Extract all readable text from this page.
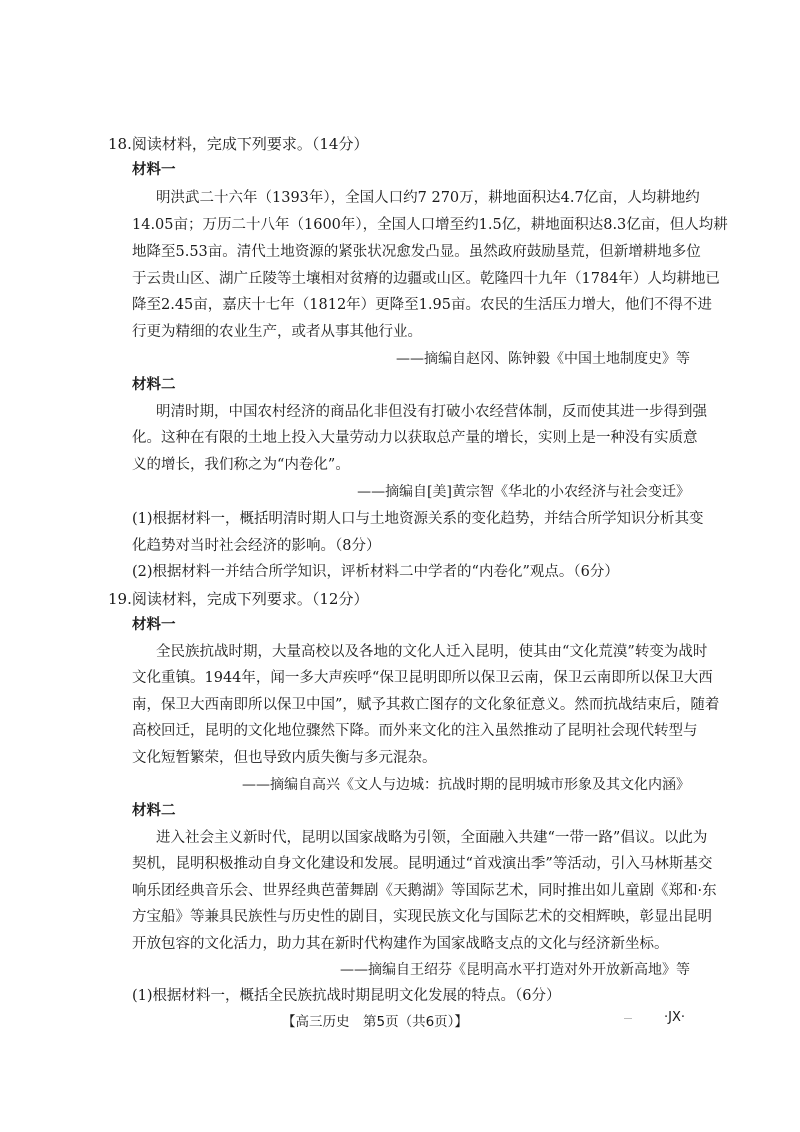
18.阅读材料，完成下列要求。（14分）
材料一
明洪武二十六年（1393年），全国人口约7 270万，耕地面积达4.7亿亩，人均耕地约
14.05亩；万历二十八年（1600年），全国人口增至约1.5亿，耕地面积达8.3亿亩，但人均耕
地降至5.53亩。清代土地资源的紧张状况愈发凸显。虽然政府鼓励垦荒，但新增耕地多位
于云贵山区、湖广丘陵等土壤相对贫瘠的边疆或山区。乾隆四十九年（1784年）人均耕地已
降至2.45亩，嘉庆十七年（1812年）更降至1.95亩。农民的生活压力增大，他们不得不进
行更为精细的农业生产，或者从事其他行业。
——摘编自赵冈、陈钟毅《中国土地制度史》等
材料二
明清时期，中国农村经济的商品化非但没有打破小农经营体制，反而使其进一步得到强
化。这种在有限的土地上投入大量劳动力以获取总产量的增长，实则上是一种没有实质意
义的增长，我们称之为“内卷化”。
——摘编自[美]黄宗智《华北的小农经济与社会变迁》
(1)根据材料一，概括明清时期人口与土地资源关系的变化趋势，并结合所学知识分析其变
化趋势对当时社会经济的影响。（8分）
(2)根据材料一并结合所学知识，评析材料二中学者的“内卷化”观点。（6分）
19.阅读材料，完成下列要求。（12分）
材料一
全民族抗战时期，大量高校以及各地的文化人迁入昆明，使其由“文化荒漠”转变为战时
文化重镇。1944年，闻一多大声疾呼“保卫昆明即所以保卫云南，保卫云南即所以保卫大西
南，保卫大西南即所以保卫中国”，赋予其救亡图存的文化象征意义。然而抗战结束后，随着
高校回迁，昆明的文化地位骤然下降。而外来文化的注入虽然推动了昆明社会现代转型与
文化短暂繁荣，但也导致内质失衡与多元混杂。
——摘编自高兴《文人与边城：抗战时期的昆明城市形象及其文化内涵》
材料二
进入社会主义新时代，昆明以国家战略为引领，全面融入共建“一带一路”倡议。以此为
契机，昆明积极推动自身文化建设和发展。昆明通过“首戏演出季”等活动，引入马林斯基交
响乐团经典音乐会、世界经典芭蕾舞剧《天鹅湖》等国际艺术，同时推出如儿童剧《郑和·东
方宝船》等兼具民族性与历史性的剧目，实现民族文化与国际艺术的交相辉映，彰显出昆明
开放包容的文化活力，助力其在新时代构建作为国家战略支点的文化与经济新坐标。
——摘编自王绍芬《昆明高水平打造对外开放新高地》等
(1)根据材料一，概括全民族抗战时期昆明文化发展的特点。（6分）
【高三历史　第5页（共6页）】	·JX·
